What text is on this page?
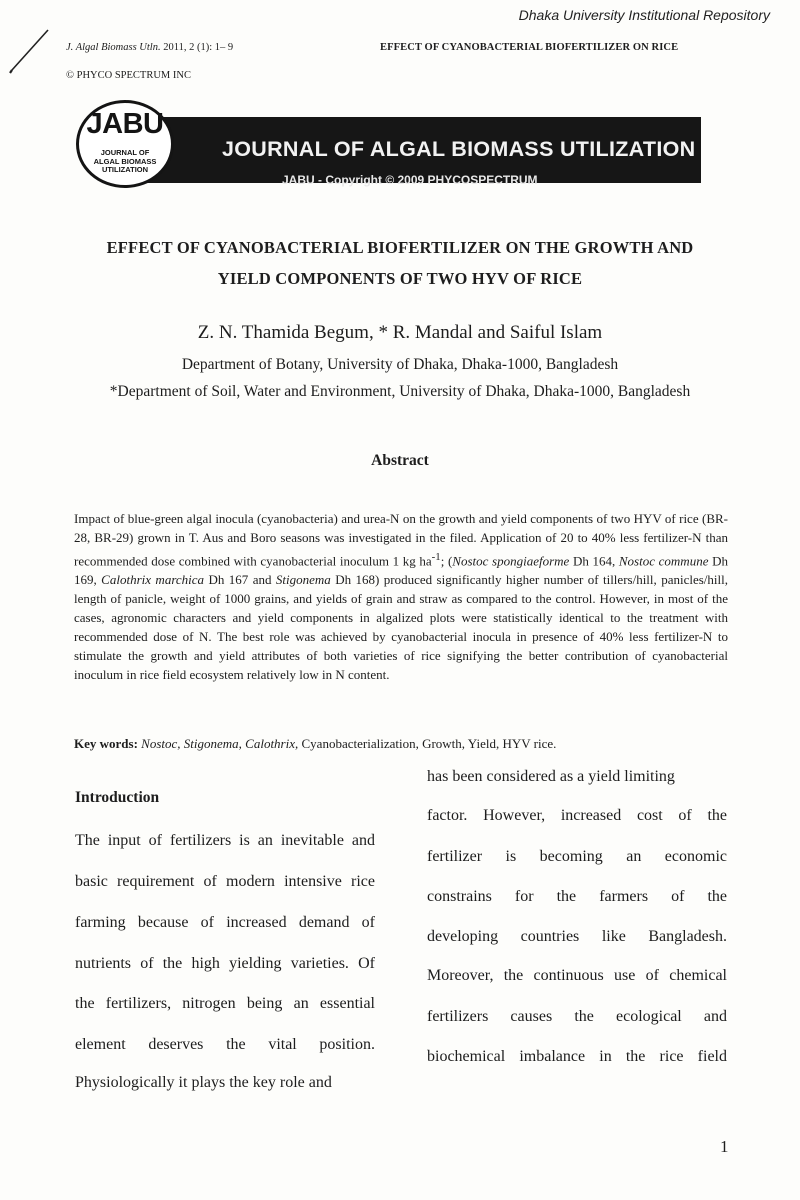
Dhaka University Institutional Repository
J. Algal Biomass Utln. 2011, 2 (1): 1– 9	EFFECT OF CYANOBACTERIAL BIOFERTILIZER ON RICE
© PHYCO SPECTRUM INC
JOURNAL OF ALGAL BIOMASS UTILIZATION
JABU - Copyright © 2009 PHYCOSPECTRUM
JABU
JOURNAL OF
ALGAL BIOMASS
UTILIZATION
EFFECT OF CYANOBACTERIAL BIOFERTILIZER ON THE GROWTH AND
YIELD COMPONENTS OF TWO HYV OF RICE
Z. N. Thamida Begum, * R. Mandal and Saiful Islam
Department of Botany, University of Dhaka, Dhaka-1000, Bangladesh
*Department of Soil, Water and Environment, University of Dhaka, Dhaka-1000, Bangladesh
Abstract
Impact of blue-green algal inocula (cyanobacteria) and urea-N on the growth and yield components of two HYV of rice (BR-28, BR-29) grown in T. Aus and Boro seasons was investigated in the filed. Application of 20 to 40% less fertilizer-N than recommended dose combined with cyanobacterial inoculum 1 kg $ha^{-1}$; (Nostoc spongiaeforme Dh 164, Nostoc commune Dh 169, Calothrix marchica Dh 167 and Stigonema Dh 168) produced significantly higher number of tillers/hill, panicles/hill, length of panicle, weight of 1000 grains, and yields of grain and straw as compared to the control. However, in most of the cases, agronomic characters and yield components in algalized plots were statistically identical to the treatment with recommended dose of N. The best role was achieved by cyanobacterial inocula in presence of 40% less fertilizer-N to stimulate the growth and yield attributes of both varieties of rice signifying the better contribution of cyanobacterial inoculum in rice field ecosystem relatively low in N content.
Key words: Nostoc, Stigonema, Calothrix, Cyanobacterialization, Growth, Yield, HYV rice.
Introduction
The input of fertilizers is an inevitable and
basic requirement of modern intensive rice
farming because of increased demand of
nutrients of the high yielding varieties. Of
the fertilizers, nitrogen being an essential
element deserves the vital position.
Physiologically it plays the key role and
has been considered as a yield limiting
factor. However, increased cost of the
fertilizer is becoming an economic
constrains for the farmers of the
developing countries like Bangladesh.
Moreover, the continuous use of chemical
fertilizers causes the ecological and
biochemical imbalance in the rice field
1
